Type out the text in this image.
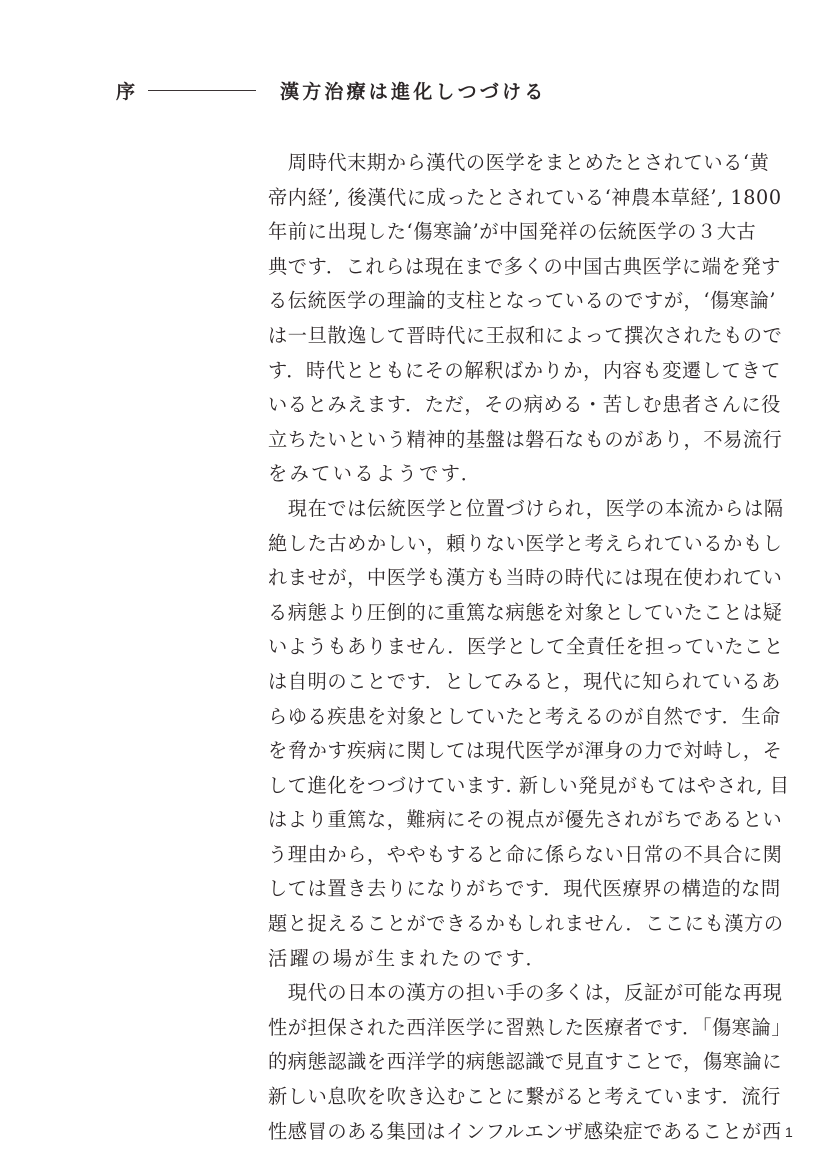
序	漢方治療は進化しつづける
　周時代末期から漢代の医学をまとめたとされている‘黄
帝内経’, 後漢代に成ったとされている‘神農本草経’, 1800
年前に出現した‘傷寒論’が中国発祥の伝統医学の３大古
典です．これらは現在まで多くの中国古典医学に端を発す
る伝統医学の理論的支柱となっているのですが，‘傷寒論’
は一旦散逸して晋時代に王叔和によって撰次されたもので
す．時代とともにその解釈ばかりか，内容も変遷してきて
いるとみえます．ただ，その病める・苦しむ患者さんに役
立ちたいという精神的基盤は磐石なものがあり，不易流行
をみているようです．
　現在では伝統医学と位置づけられ，医学の本流からは隔
絶した古めかしい，頼りない医学と考えられているかもし
れませが，中医学も漢方も当時の時代には現在使われてい
る病態より圧倒的に重篤な病態を対象としていたことは疑
いようもありません．医学として全責任を担っていたこと
は自明のことです．としてみると，現代に知られているあ
らゆる疾患を対象としていたと考えるのが自然です．生命
を脅かす疾病に関しては現代医学が渾身の力で対峙し，そ
して進化をつづけています. 新しい発見がもてはやされ, 目
はより重篤な，難病にその視点が優先されがちであるとい
う理由から，ややもすると命に係らない日常の不具合に関
しては置き去りになりがちです．現代医療界の構造的な問
題と捉えることができるかもしれません．ここにも漢方の
活躍の場が生まれたのです．
　現代の日本の漢方の担い手の多くは，反証が可能な再現
性が担保された西洋医学に習熟した医療者です．「傷寒論」
的病態認識を西洋学的病態認識で見直すことで，傷寒論に
新しい息吹を吹き込むことに繋がると考えています．流行
性感冒のある集団はインフルエンザ感染症であることが西 1
